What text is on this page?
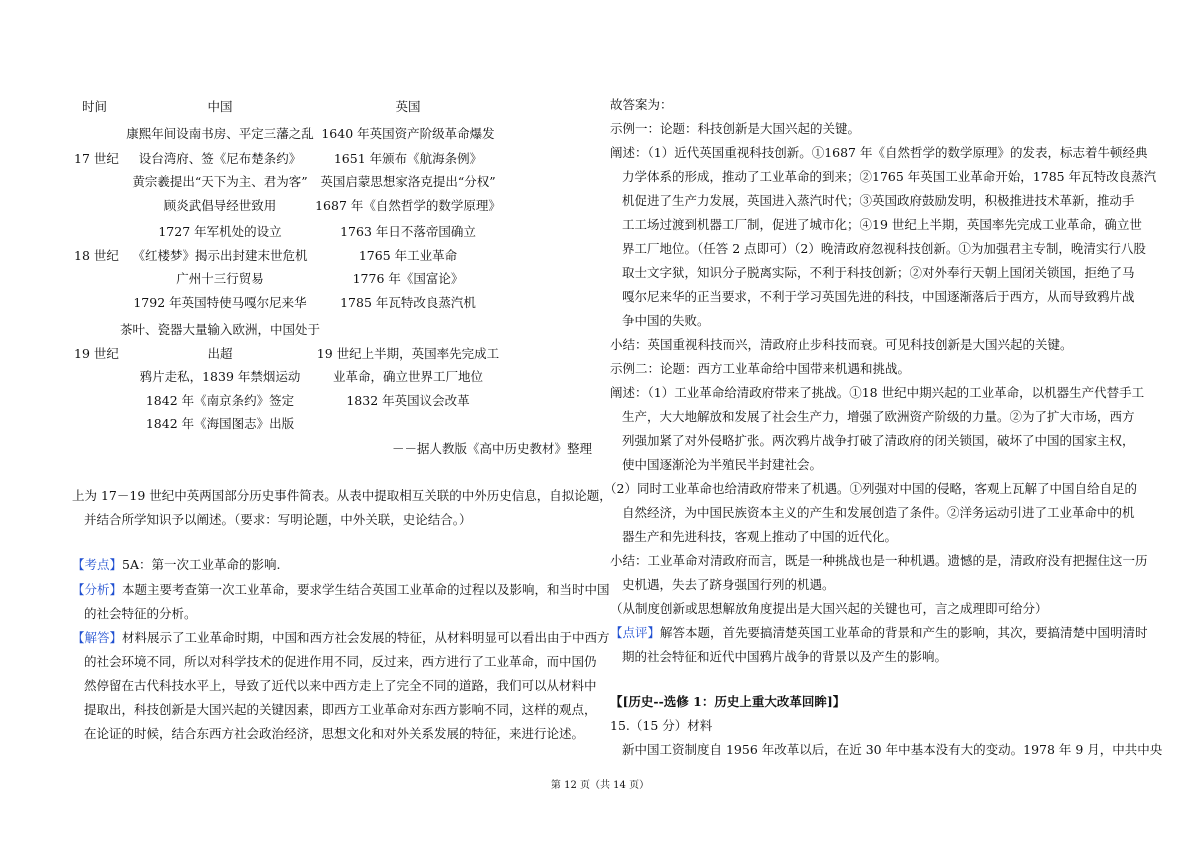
时间	中国	英国
17 世纪
康熙年间设南书房、平定三藩之乱
设台湾府、签《尼布楚条约》
黄宗羲提出“天下为主、君为客”
顾炎武倡导经世致用
1640 年英国资产阶级革命爆发
1651 年颁布《航海条例》
英国启蒙思想家洛克提出“分权”
1687 年《自然哲学的数学原理》
18 世纪
1727 年军机处的设立
《红楼梦》揭示出封建末世危机
广州十三行贸易
1792 年英国特使马嘎尔尼来华
1763 年日不落帝国确立
1765 年工业革命
1776 年《国富论》
1785 年瓦特改良蒸汽机
19 世纪
茶叶、瓷器大量输入欧洲，中国处于
出超
鸦片走私，1839 年禁烟运动
1842 年《南京条约》签定
1842 年《海国图志》出版
19 世纪上半期，英国率先完成工
业革命，确立世界工厂地位
1832 年英国议会改革
－－据人教版《高中历史教材》整理
上为 17－19 世纪中英两国部分历史事件简表。从表中提取相互关联的中外历史信息，自拟论题，
并结合所学知识予以阐述。（要求：写明论题，中外关联，史论结合。）
【考点】5A：第一次工业革命的影响.
【分析】本题主要考查第一次工业革命，要求学生结合英国工业革命的过程以及影响，和当时中国
的社会特征的分析。
【解答】材料展示了工业革命时期，中国和西方社会发展的特征，从材料明显可以看出由于中西方
的社会环境不同，所以对科学技术的促进作用不同，反过来，西方进行了工业革命，而中国仍
然停留在古代科技水平上，导致了近代以来中西方走上了完全不同的道路，我们可以从材料中
提取出，科技创新是大国兴起的关键因素，即西方工业革命对东西方影响不同，这样的观点，
在论证的时候，结合东西方社会政治经济，思想文化和对外关系发展的特征，来进行论述。
故答案为：
示例一：论题：科技创新是大国兴起的关键。
阐述：（1）近代英国重视科技创新。①1687 年《自然哲学的数学原理》的发表，标志着牛顿经典
力学体系的形成，推动了工业革命的到来；②1765 年英国工业革命开始，1785 年瓦特改良蒸汽
机促进了生产力发展，英国进入蒸汽时代；③英国政府鼓励发明，积极推进技术革新，推动手
工工场过渡到机器工厂制，促进了城市化；④19 世纪上半期，英国率先完成工业革命，确立世
界工厂地位。（任答 2 点即可）（2）晚清政府忽视科技创新。①为加强君主专制，晚清实行八股
取士文字狱，知识分子脱离实际，不利于科技创新；②对外奉行天朝上国闭关锁国，拒绝了马
嘎尔尼来华的正当要求，不利于学习英国先进的科技，中国逐渐落后于西方，从而导致鸦片战
争中国的失败。
小结：英国重视科技而兴，清政府止步科技而衰。可见科技创新是大国兴起的关键。
示例二：论题：西方工业革命给中国带来机遇和挑战。
阐述：（1）工业革命给清政府带来了挑战。①18 世纪中期兴起的工业革命，以机器生产代替手工
生产，大大地解放和发展了社会生产力，增强了欧洲资产阶级的力量。②为了扩大市场，西方
列强加紧了对外侵略扩张。两次鸦片战争打破了清政府的闭关锁国，破坏了中国的国家主权，
使中国逐渐沦为半殖民半封建社会。
（2）同时工业革命也给清政府带来了机遇。①列强对中国的侵略，客观上瓦解了中国自给自足的
自然经济，为中国民族资本主义的产生和发展创造了条件。②洋务运动引进了工业革命中的机
器生产和先进科技，客观上推动了中国的近代化。
小结：工业革命对清政府而言，既是一种挑战也是一种机遇。遗憾的是，清政府没有把握住这一历
史机遇，失去了跻身强国行列的机遇。
（从制度创新或思想解放角度提出是大国兴起的关键也可，言之成理即可给分）
【点评】解答本题，首先要搞清楚英国工业革命的背景和产生的影响，其次，要搞清楚中国明清时
期的社会特征和近代中国鸦片战争的背景以及产生的影响。
【[历史--选修 1：历史上重大改革回眸]】
15.（15 分）材料
新中国工资制度自 1956 年改革以后，在近 30 年中基本没有大的变动。1978 年 9 月，中共中央
第 12 页（共 14 页）
